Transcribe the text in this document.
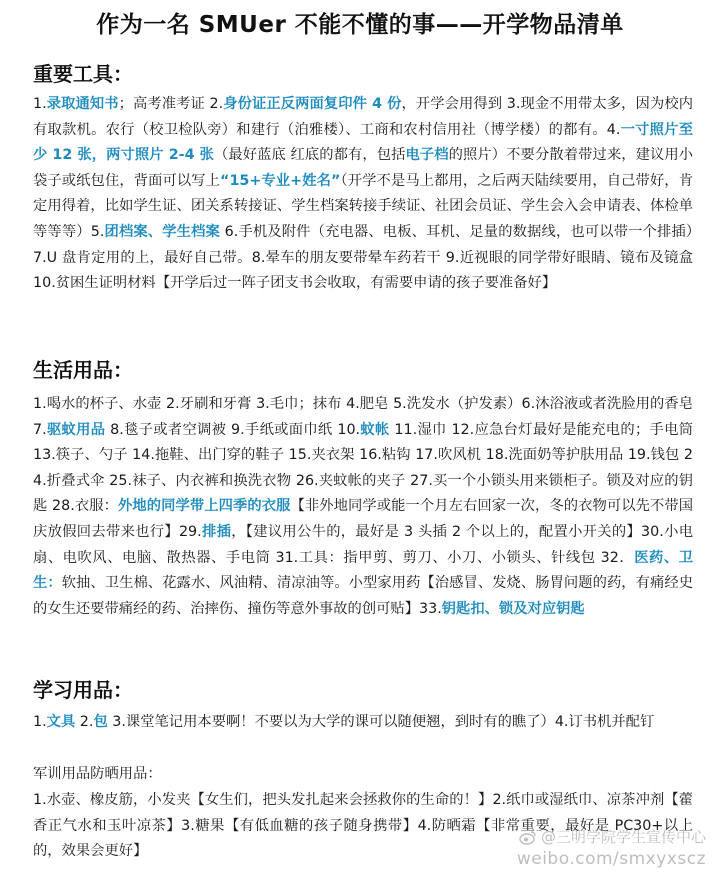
作为一名 SMUer 不能不懂的事——开学物品清单
重要工具：
1.录取通知书；高考准考证 2.身份证正反两面复印件 4 份，开学会用得到 3.现金不用带太多，因为校内有取款机。农行（校卫检队旁）和建行（泊雅楼）、工商和农村信用社（博学楼）的都有。4.一寸照片至少 12 张，两寸照片 2-4 张（最好蓝底 红底的都有，包括电子档的照片）不要分散着带过来，建议用小袋子或纸包住，背面可以写上“15+专业+姓名”（开学不是马上都用，之后两天陆续要用，自己带好，肯定用得着，比如学生证、团关系转接证、学生档案转接手续证、社团会员证、学生会入会申请表、体检单等等等）5.团档案、学生档案 6.手机及附件（充电器、电板、耳机、足量的数据线，也可以带一个排插）7.U 盘肯定用的上，最好自己带。8.晕车的朋友要带晕车药若干 9.近视眼的同学带好眼睛、镜布及镜盒 10.贫困生证明材料【开学后过一阵子团支书会收取，有需要申请的孩子要准备好】
生活用品：
1.喝水的杯子、水壶 2.牙刷和牙膏 3.毛巾；抹布 4.肥皂 5.洗发水（护发素）6.沐浴液或者洗脸用的香皂 7.驱蚊用品 8.毯子或者空调被 9.手纸或面巾纸 10.蚊帐 11.湿巾 12.应急台灯最好是能充电的；手电筒 13.筷子、勺子 14.拖鞋、出门穿的鞋子 15.夹衣架 16.粘钩 17.吹风机 18.洗面奶等护肤用品 19.钱包 24.折叠式伞 25.袜子、内衣裤和换洗衣物 26.夹蚊帐的夹子 27.买一个小锁头用来锁柜子。锁及对应的钥匙 28.衣服：外地的同学带上四季的衣服【非外地同学或能一个月左右回家一次，冬的衣物可以先不带国庆放假回去带来也行】29.排插，【建议用公牛的，最好是 3 头插 2 个以上的，配置小开关的】30.小电扇、电吹风、电脑、散热器、手电筒 31.工具：指甲剪、剪刀、小刀、小锁头、针线包 32．医药、卫生：软抽、卫生棉、花露水、风油精、清凉油等。小型家用药【治感冒、发烧、肠胃问题的药，有痛经史的女生还要带痛经的药、治摔伤、撞伤等意外事故的创可贴】33.钥匙扣、锁及对应钥匙
学习用品：
1.文具 2.包 3.课堂笔记用本要啊！不要以为大学的课可以随便翘，到时有的瞧了）4.订书机并配钉
军训用品防晒用品：
1.水壶、橡皮筋，小发夹【女生们，把头发扎起来会拯救你的生命的！】2.纸巾或湿纸巾、凉茶冲剂【藿香正气水和玉叶凉茶】3.糖果【有低血糖的孩子随身携带】4.防晒霜【非常重要，最好是 PC30+以上的，效果会更好】
@三明学院学生宣传中心
weibo.com/smxyxscz
